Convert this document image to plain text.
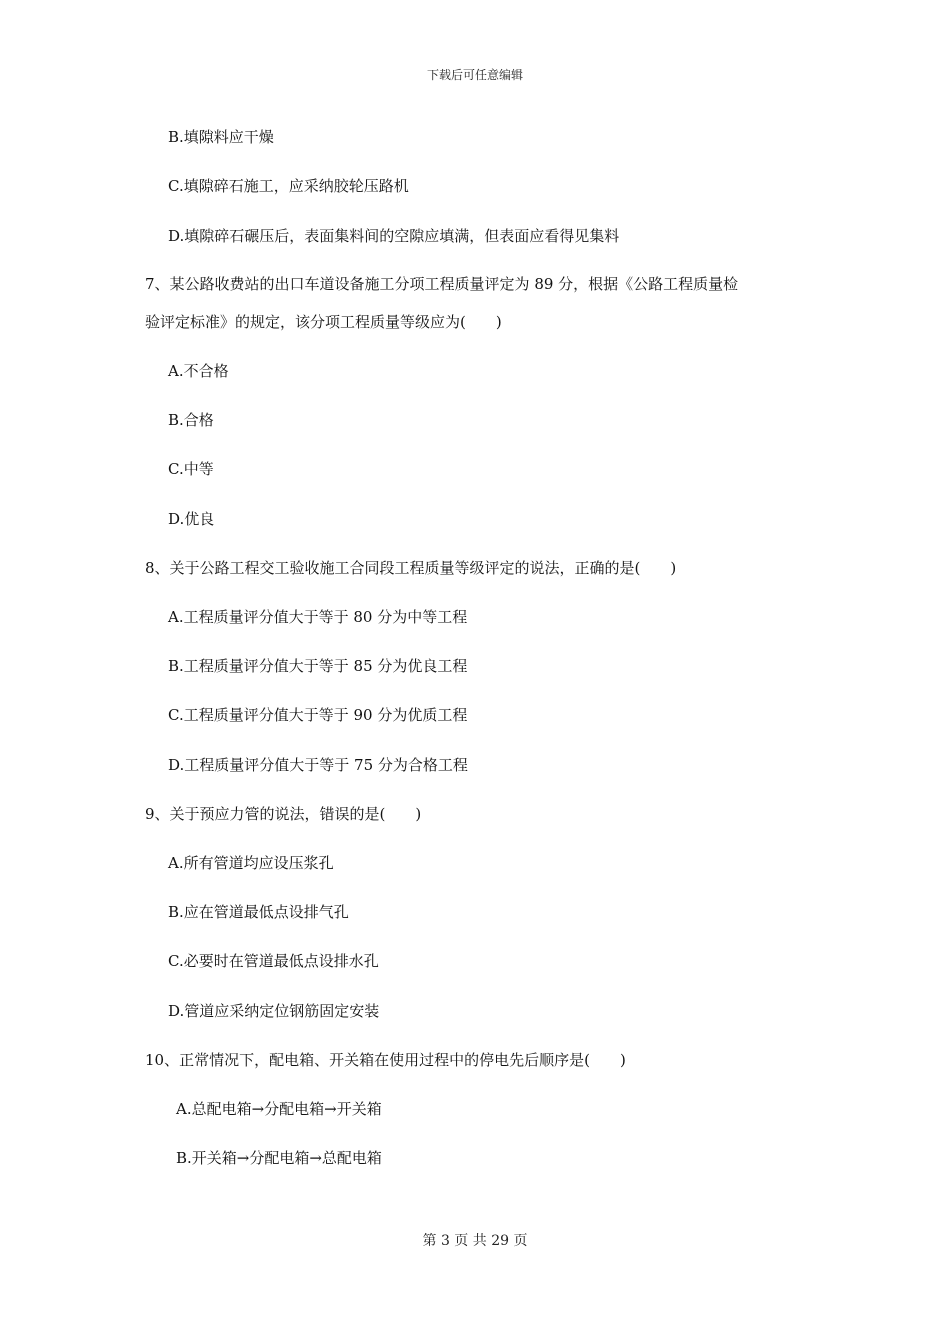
下载后可任意编辑
B.填隙料应干燥
C.填隙碎石施工，应采纳胶轮压路机
D.填隙碎石碾压后，表面集料间的空隙应填满，但表面应看得见集料
7、某公路收费站的出口车道设备施工分项工程质量评定为 89 分，根据《公路工程质量检
验评定标准》的规定，该分项工程质量等级应为(　　)
A.不合格
B.合格
C.中等
D.优良
8、关于公路工程交工验收施工合同段工程质量等级评定的说法，正确的是(　　)
A.工程质量评分值大于等于 80 分为中等工程
B.工程质量评分值大于等于 85 分为优良工程
C.工程质量评分值大于等于 90 分为优质工程
D.工程质量评分值大于等于 75 分为合格工程
9、关于预应力管的说法，错误的是(　　)
A.所有管道均应设压浆孔
B.应在管道最低点设排气孔
C.必要时在管道最低点设排水孔
D.管道应采纳定位钢筋固定安装
10、正常情况下，配电箱、开关箱在使用过程中的停电先后顺序是(　　)
A.总配电箱→分配电箱→开关箱
B.开关箱→分配电箱→总配电箱
第 3 页 共 29 页
